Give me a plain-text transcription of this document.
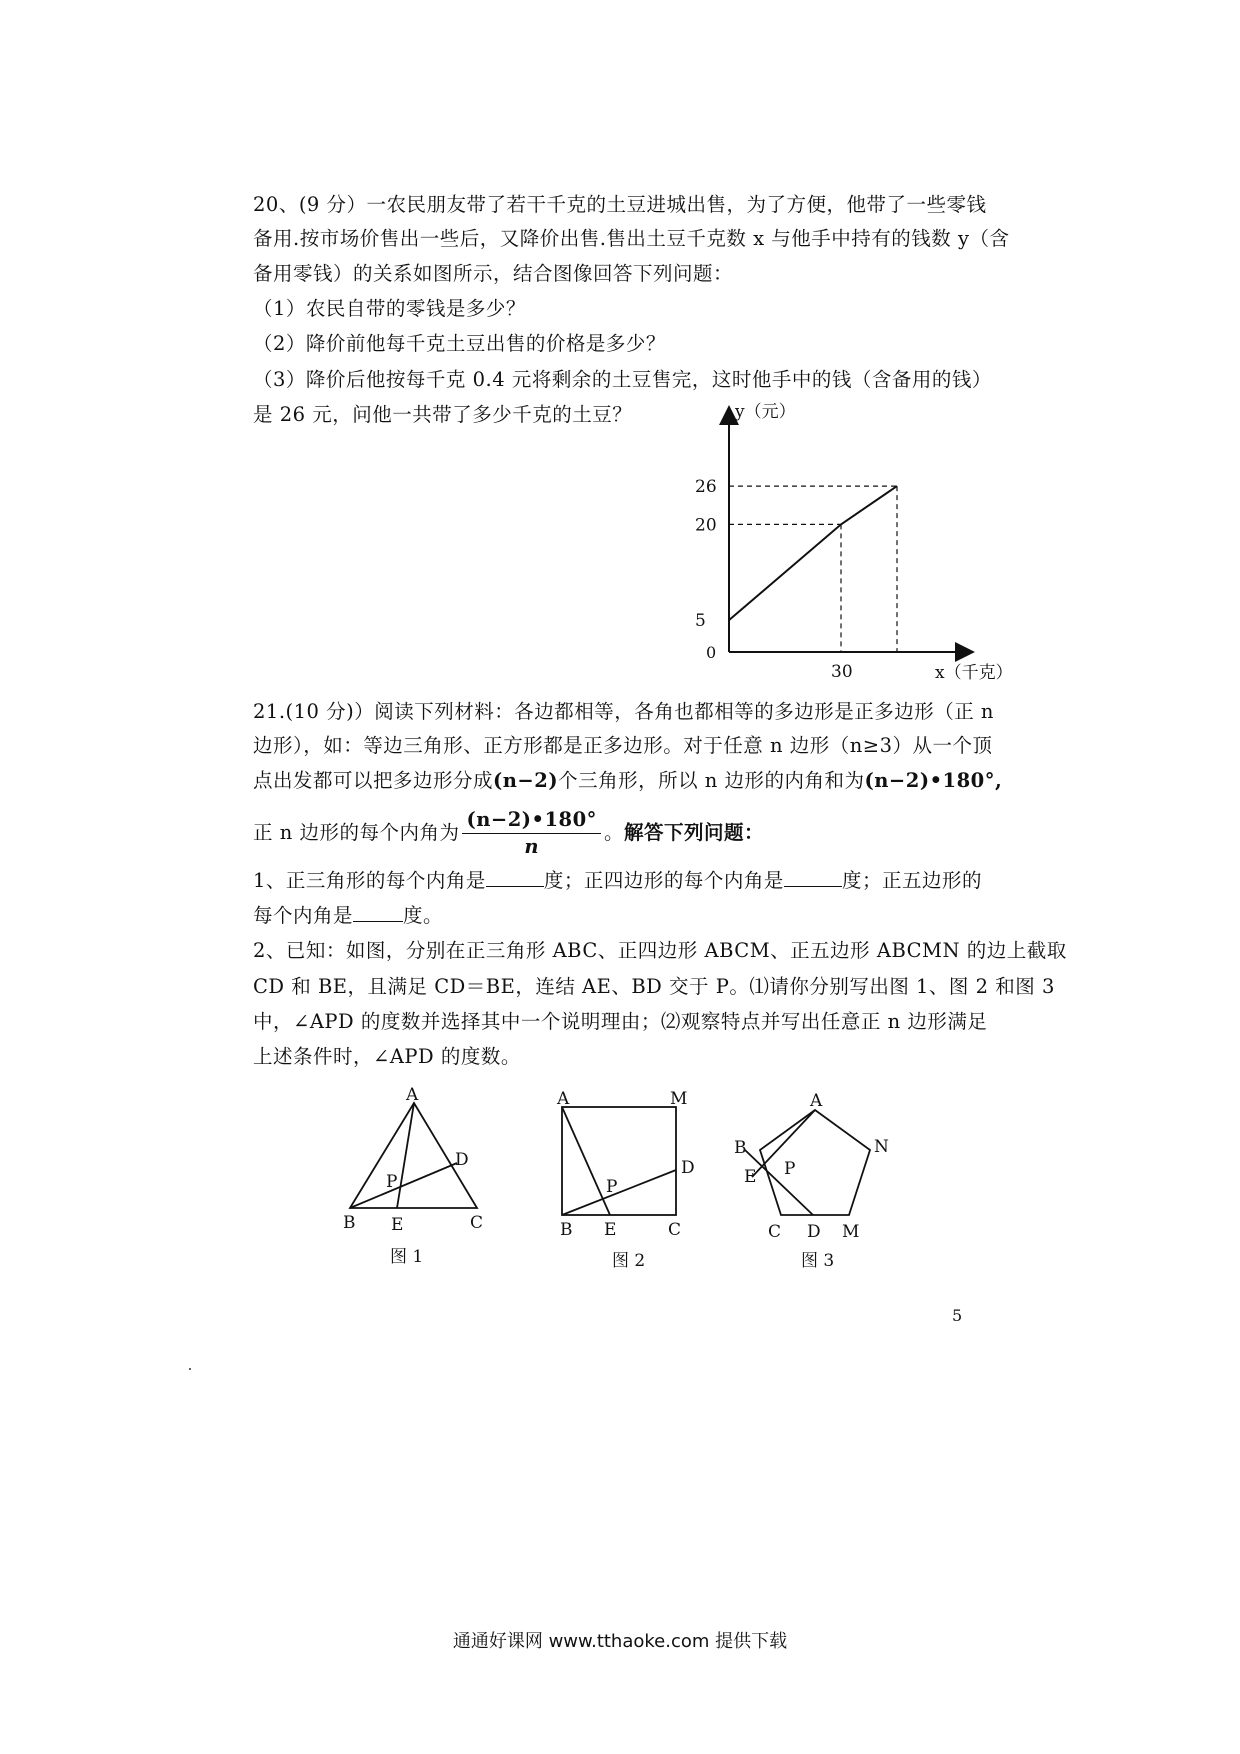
20、(9 分）一农民朋友带了若干千克的土豆进城出售，为了方便，他带了一些零钱
备用.按市场价售出一些后，又降价出售.售出土豆千克数 x 与他手中持有的钱数 y（含
备用零钱）的关系如图所示，结合图像回答下列问题：
（1）农民自带的零钱是多少？
（2）降价前他每千克土豆出售的价格是多少？
（3）降价后他按每千克 0.4 元将剩余的土豆售完，这时他手中的钱（含备用的钱）
是 26 元，问他一共带了多少千克的土豆？	y（元）
x（千克）
0
5
20
26
30
21.(10 分)）阅读下列材料：各边都相等，各角也都相等的多边形是正多边形（正 n
边形），如：等边三角形、正方形都是正多边形。对于任意 n 边形（n≥3）从一个顶
点出发都可以把多边形分成(n−2)个三角形，所以 n 边形的内角和为(n−2)•180°,
正 n 边形的每个内角为 $\frac{(n-2)•180^\circ}{n}$ 。解答下列问题：
1、正三角形的每个内角是	度；正四边形的每个内角是	度；正五边形的
每个内角是	度。
2、已知：如图，分别在正三角形 ABC、正四边形 ABCM、正五边形 ABCMN 的边上截取
CD 和 BE，且满足 CD＝BE，连结 AE、BD 交于 P。⑴请你分别写出图 1、图 2 和图 3
中，∠APD 的度数并选择其中一个说明理由；⑵观察特点并写出任意正 n 边形满足
上述条件时，∠APD 的度数。
A
B	C
D
E
P
图 1
A	M
B	C
D
E
P
图 2
A
B	N
E P
C D M
图 3
5
通通好课网 www.tthaoke.com 提供下载
